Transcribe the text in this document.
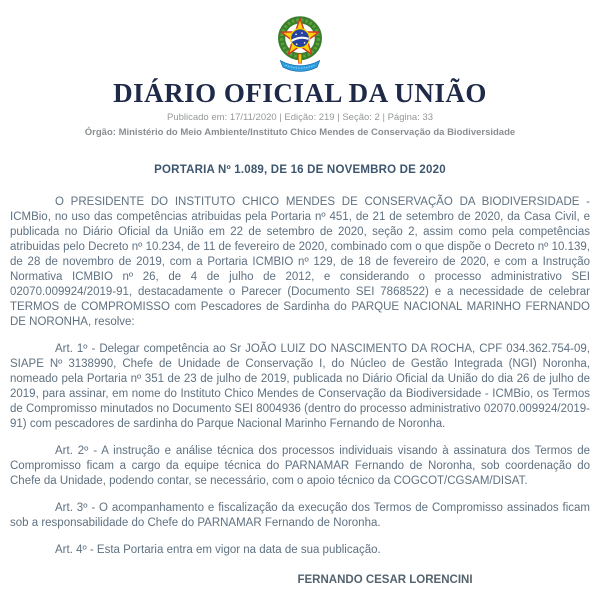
DIÁRIO OFICIAL DA UNIÃO
Publicado em: 17/11/2020 | Edição: 219 | Seção: 2 | Página: 33
Órgão: Ministério do Meio Ambiente/Instituto Chico Mendes de Conservação da Biodiversidade
PORTARIA Nº 1.089, DE 16 DE NOVEMBRO DE 2020

O PRESIDENTE DO INSTITUTO CHICO MENDES DE CONSERVAÇÃO DA BIODIVERSIDADE - ICMBio, no uso das competências atribuidas pela Portaria nº 451, de 21 de setembro de 2020, da Casa Civil, e publicada no Diário Oficial da União em 22 de setembro de 2020, seção 2, assim como pela competências atribuidas pelo Decreto nº 10.234, de 11 de fevereiro de 2020, combinado com o que dispõe o Decreto nº 10.139, de 28 de novembro de 2019, com a Portaria ICMBIO nº 129, de 18 de fevereiro de 2020, e com a Instrução Normativa ICMBIO nº 26, de 4 de julho de 2012, e considerando o processo administrativo SEI 02070.009924/2019-91, destacadamente o Parecer (Documento SEI 7868522) e a necessidade de celebrar TERMOS de COMPROMISSO com Pescadores de Sardinha do PARQUE NACIONAL MARINHO FERNANDO DE NORONHA, resolve:

Art. 1º - Delegar competência ao Sr JOÃO LUIZ DO NASCIMENTO DA ROCHA, CPF 034.362.754-09, SIAPE Nº 3138990, Chefe de Unidade de Conservação I, do Núcleo de Gestão Integrada (NGI) Noronha, nomeado pela Portaria nº 351 de 23 de julho de 2019, publicada no Diário Oficial da União do dia 26 de julho de 2019, para assinar, em nome do Instituto Chico Mendes de Conservação da Biodiversidade - ICMBio, os Termos de Compromisso minutados no Documento SEI 8004936 (dentro do processo administrativo 02070.009924/2019-91) com pescadores de sardinha do Parque Nacional Marinho Fernando de Noronha.

Art. 2º - A instrução e análise técnica dos processos individuais visando à assinatura dos Termos de Compromisso ficam a cargo da equipe técnica do PARNAMAR Fernando de Noronha, sob coordenação do Chefe da Unidade, podendo contar, se necessário, com o apoio técnico da COGCOT/CGSAM/DISAT.

Art. 3º - O acompanhamento e fiscalização da execução dos Termos de Compromisso assinados ficam sob a responsabilidade do Chefe do PARNAMAR Fernando de Noronha.

Art. 4º - Esta Portaria entra em vigor na data de sua publicação.

FERNANDO CESAR LORENCINI
